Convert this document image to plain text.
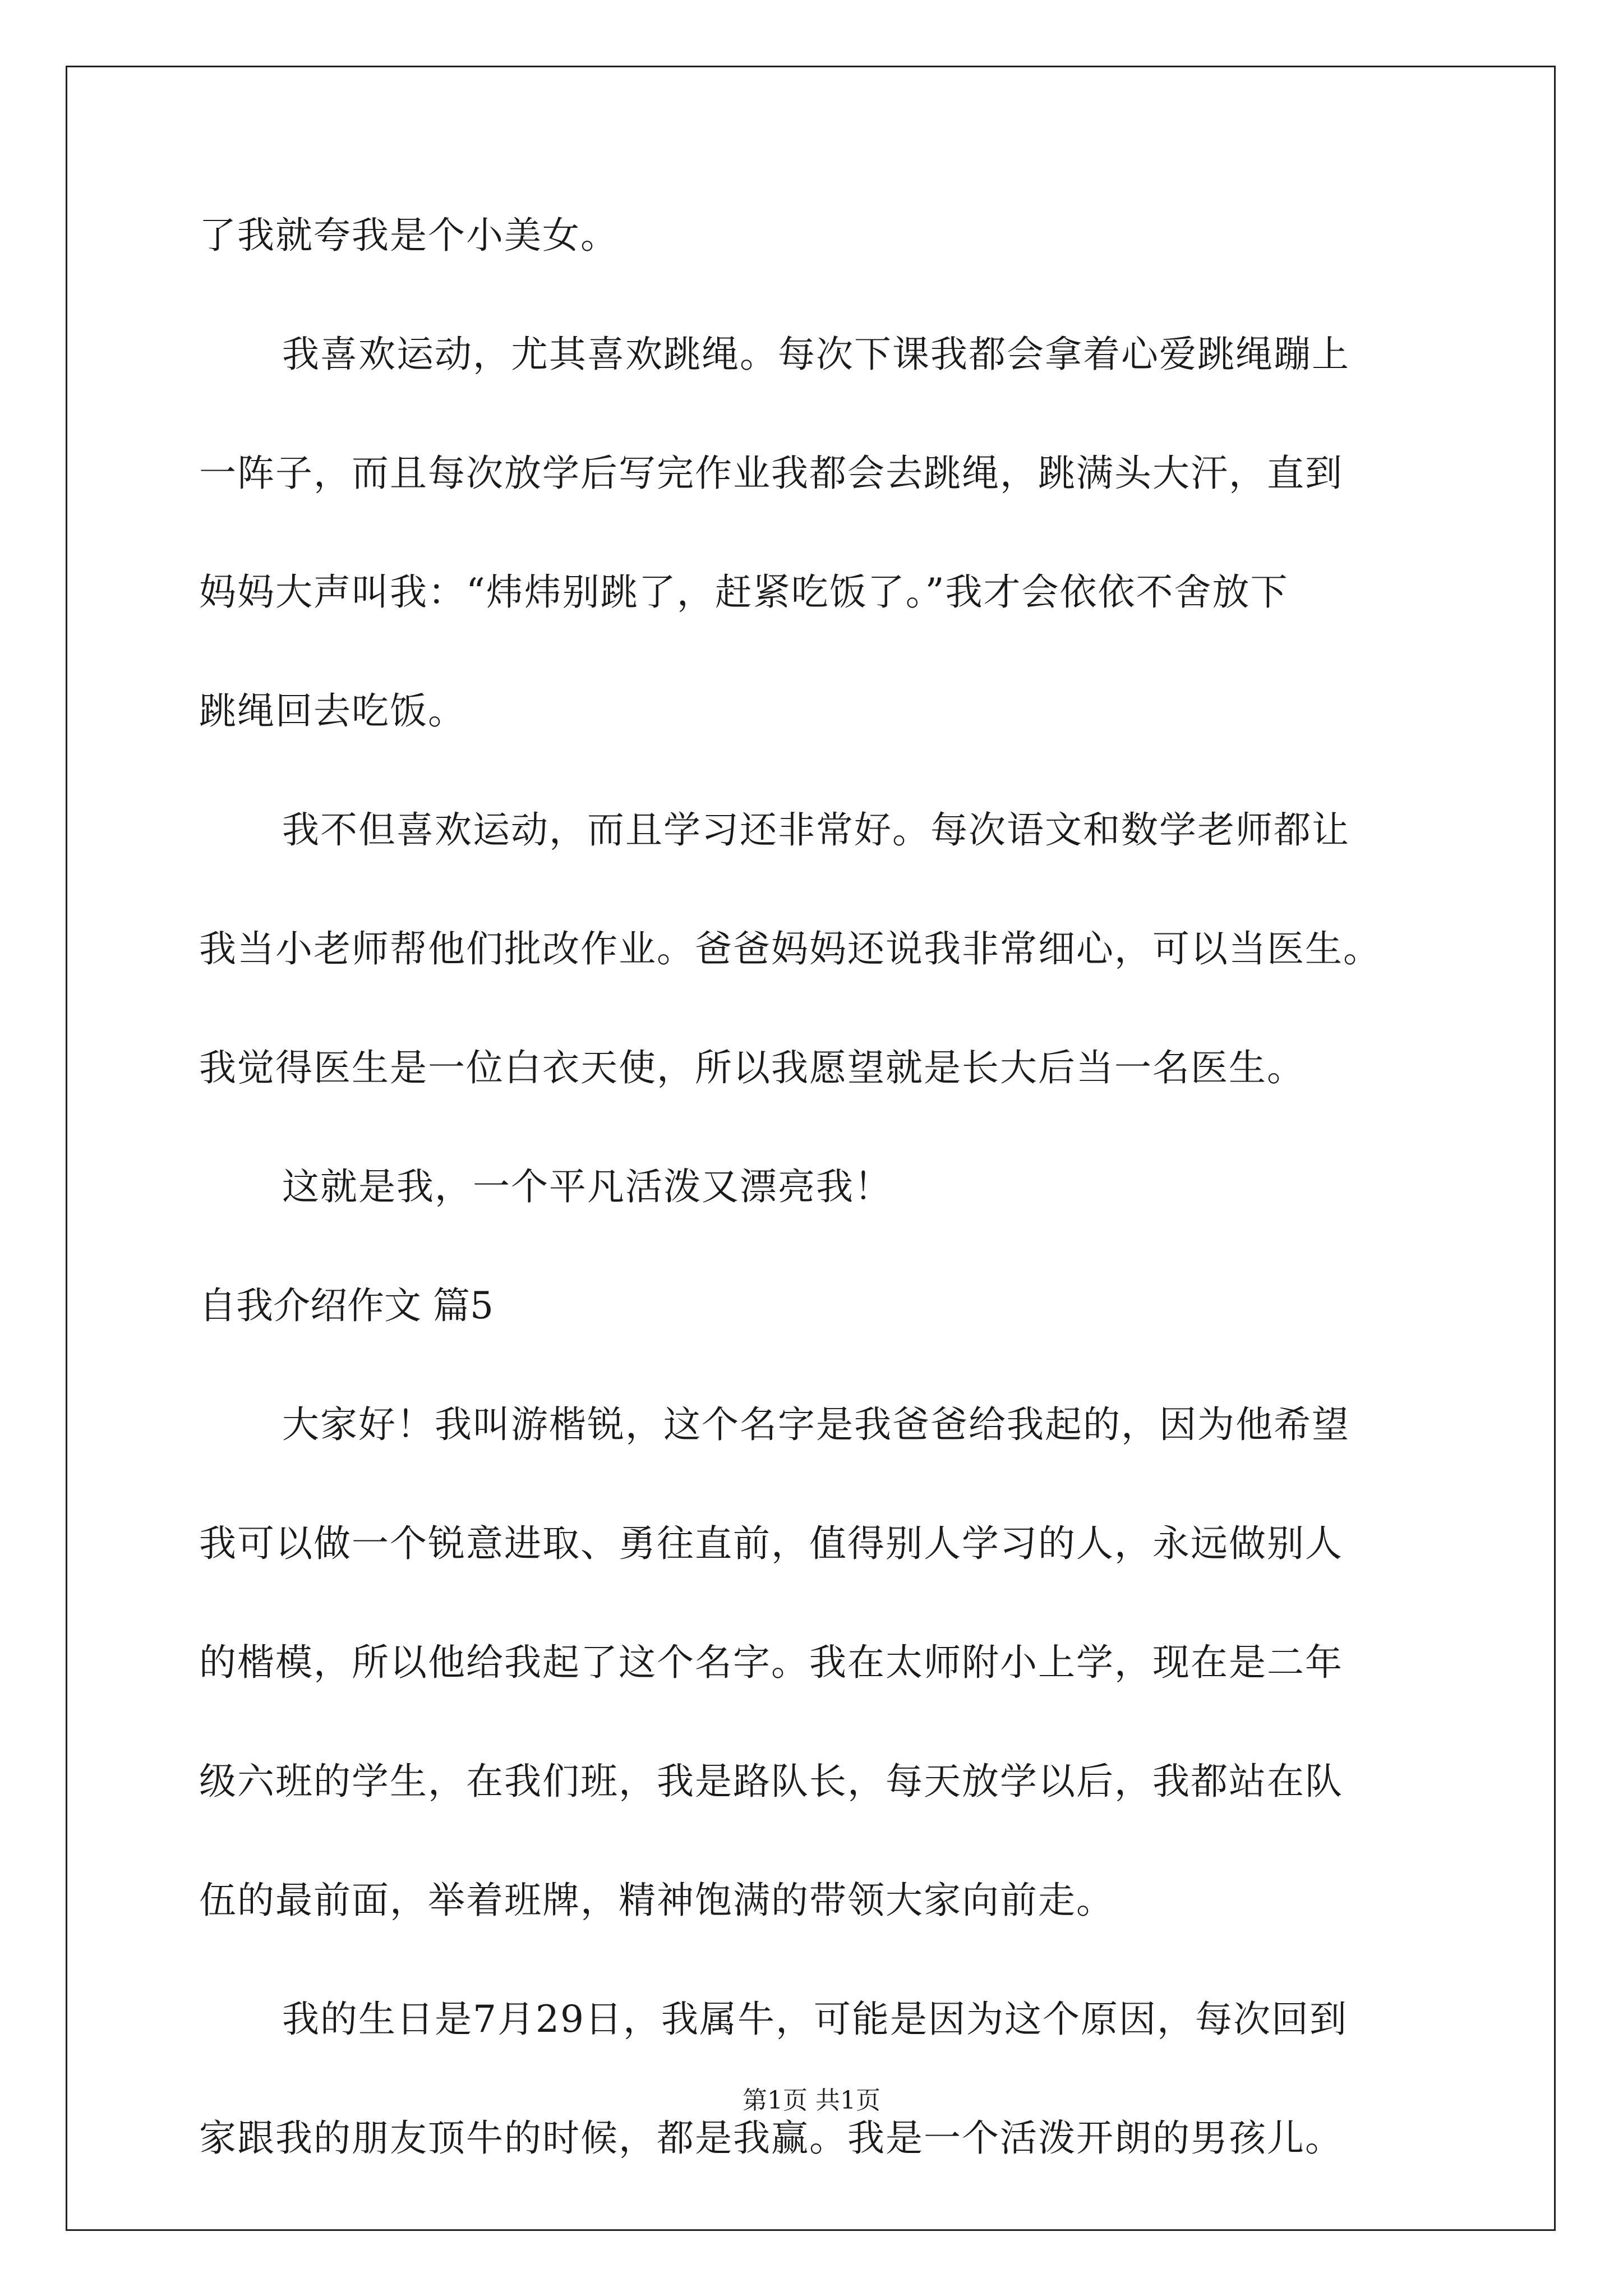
了我就夸我是个小美女。
我喜欢运动，尤其喜欢跳绳。每次下课我都会拿着心爱跳绳蹦上
一阵子，而且每次放学后写完作业我都会去跳绳，跳满头大汗，直到
妈妈大声叫我：“炜炜别跳了，赶紧吃饭了。”我才会依依不舍放下
跳绳回去吃饭。
我不但喜欢运动，而且学习还非常好。每次语文和数学老师都让
我当小老师帮他们批改作业。爸爸妈妈还说我非常细心，可以当医生。
我觉得医生是一位白衣天使，所以我愿望就是长大后当一名医生。
这就是我，一个平凡活泼又漂亮我！
自我介绍作文 篇5
大家好！我叫游楷锐，这个名字是我爸爸给我起的，因为他希望
我可以做一个锐意进取、勇往直前，值得别人学习的人，永远做别人
的楷模，所以他给我起了这个名字。我在太师附小上学，现在是二年
级六班的学生，在我们班，我是路队长，每天放学以后，我都站在队
伍的最前面，举着班牌，精神饱满的带领大家向前走。
我的生日是7月29日，我属牛，可能是因为这个原因，每次回到
家跟我的朋友顶牛的时候，都是我赢。我是一个活泼开朗的男孩儿。
第1页 共1页
